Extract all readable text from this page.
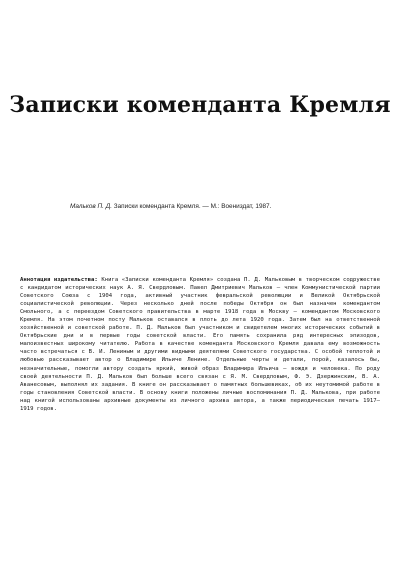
Записки коменданта Кремля
Мальков П. Д. Записки коменданта Кремля. — М.: Воениздат, 1987.

Аннотация издательства: Книга «Записки коменданта Кремля» создана П. Д. Мальковым в творческом содружестве с кандидатом исторических наук А. Я. Свердловым. Павел Дмитриевич Мальков — член Коммунистической партии Советского Союза с 1904 года, активный участник февральской революции и Великой Октябрьской социалистической революции. Через несколько дней после победы Октября он был назначен комендантом Смольного, а с переездом Советского правительства в марте 1918 года в Москву — комендантом Московского Кремля. На этом почетном посту Мальков оставался в плоть до лета 1920 года. Затем был на ответственной хозяйственной и советской работе. П. Д. Мальков был участником и свидетелем многих исторических событий в Октябрьские дни и в первые годы советской власти. Его память сохранила ряд интересных эпизодов, малоизвестных широкому читателю. Работа в качестве коменданта Московского Кремля давала ему возможность часто встречаться с В. И. Лениным и другими видными деятелями Советского государства. С особой теплотой и любовью рассказывает автор о Владимире Ильиче Ленине. Отдельные черты и детали, порой, казалось бы, незначительные, помогли автору создать яркий, живой образ Владимира Ильича — вождя и человека. По роду своей деятельности П. Д. Мальков был больше всего связан с Я. М. Свердловым, Ф. Э. Дзержинским, В. А. Аванесовым, выполнял их задания. В книге он рассказывает о памятных большевиках, об их неутомимой работе в годы становления Советской власти. В основу книги положены личные воспоминания П. Д. Малькова, при работе над книгой использованы архивные документы из личного архива автора, а также периодическая печать 1917–1919 годов.
